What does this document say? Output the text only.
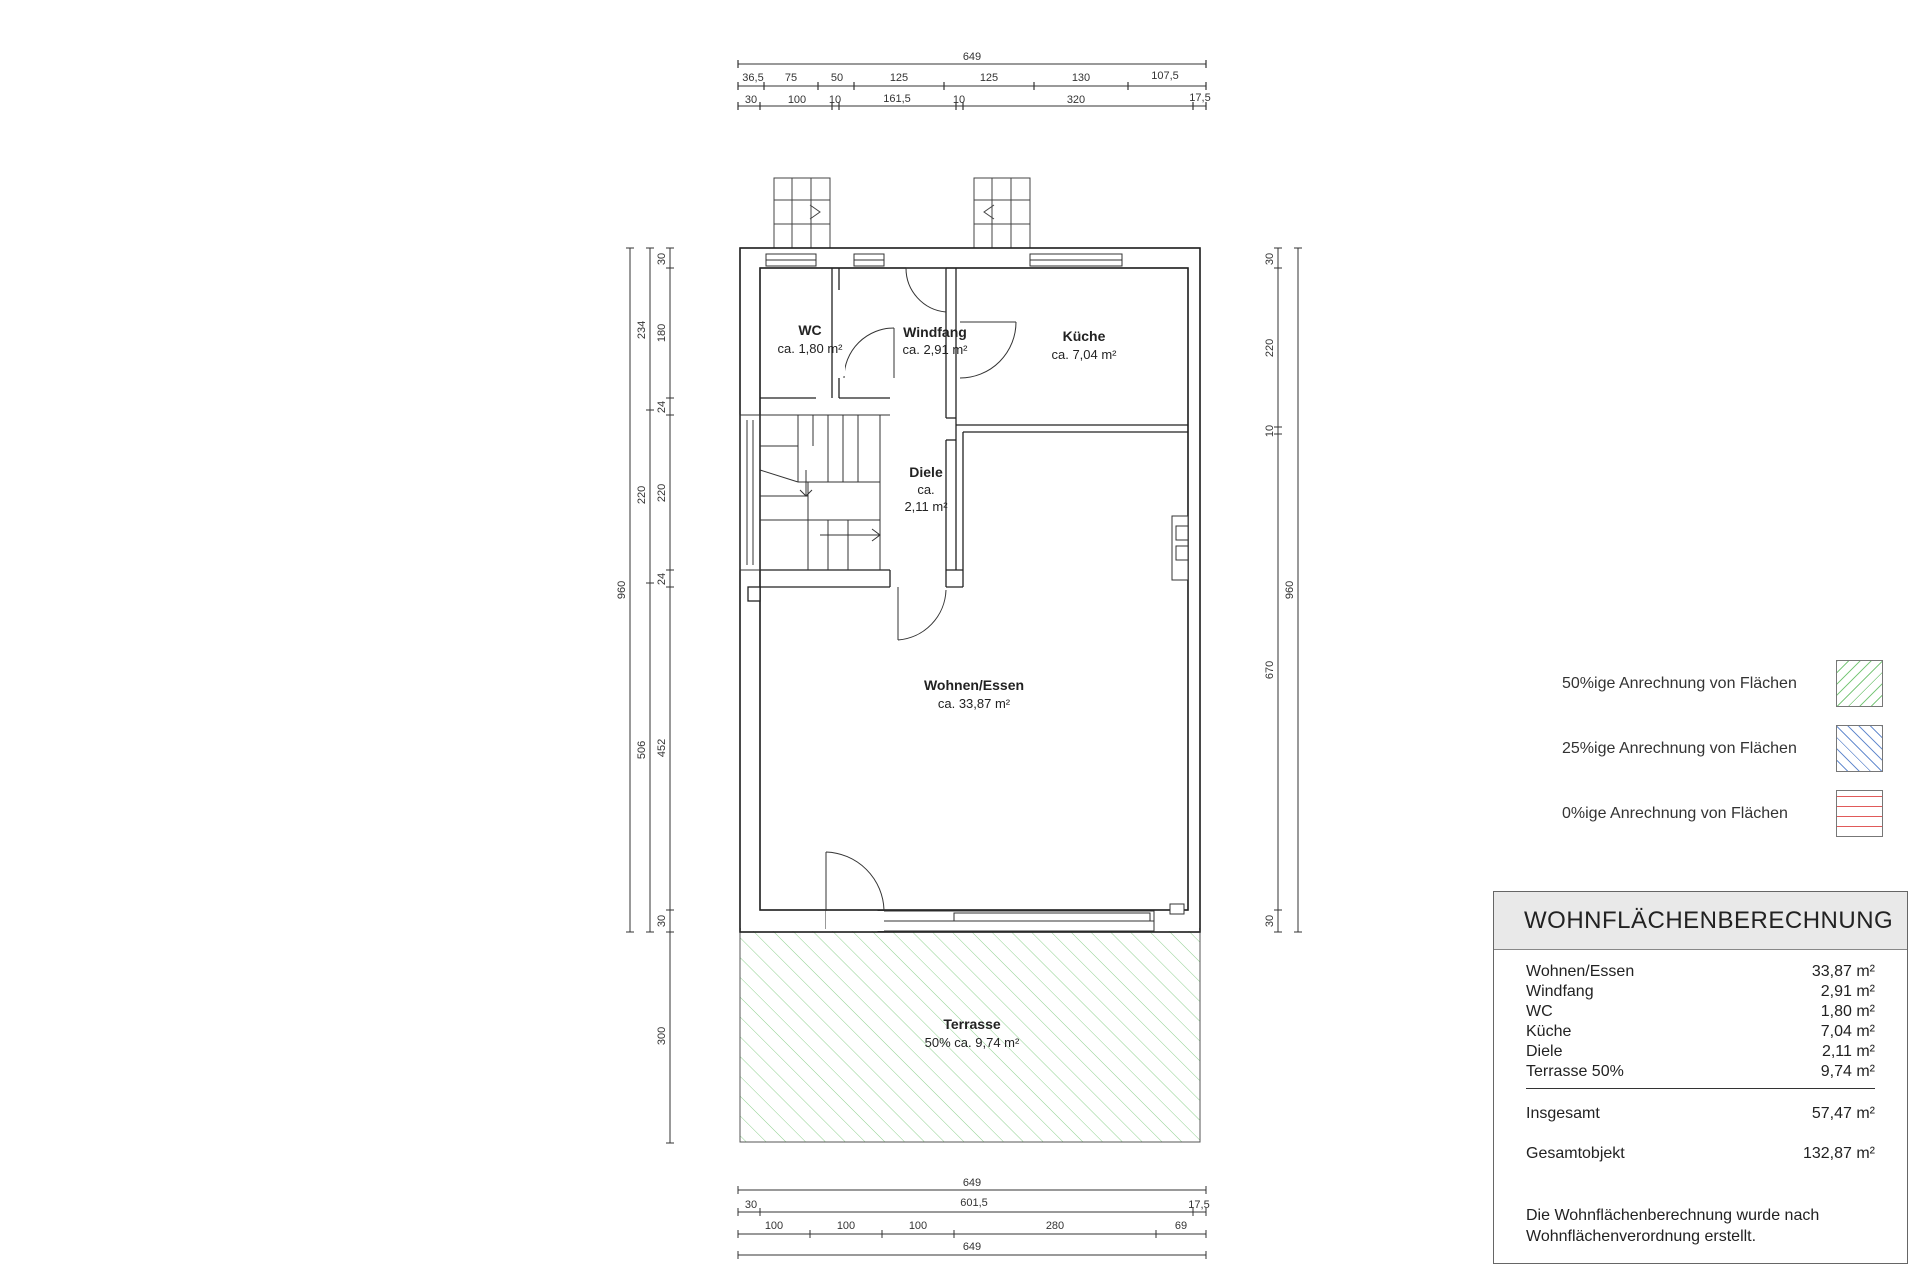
649
36,5 75	50	125	125	130	107,5
30	100 10	161,5	10	320	17,5
960
234
220
506
30
180
24
220
24
452
30
300
30
220
10
670
30
960
649
30	601,5	17,5
100	100	100	280	69
649
WC
ca. 1,80 m²
Windfang
ca. 2,91 m²
Küche
ca. 7,04 m²
Diele
ca.
2,11 m²
Wohnen/Essen
ca. 33,87 m²
Terrasse
50% ca. 9,74 m²
50%ige Anrechnung von Flächen
25%ige Anrechnung von Flächen
0%ige Anrechnung von Flächen
WOHNFLÄCHENBERECHNUNG
Wohnen/Essen	33,87 m²
Windfang	2,91 m²
WC	1,80 m²
Küche	7,04 m²
Diele	2,11 m²
Terrasse 50%	9,74 m²
Insgesamt	57,47 m²
Gesamtobjekt	132,87 m²
Die Wohnflächenberechnung wurde nach Wohnflächenverordnung erstellt.
